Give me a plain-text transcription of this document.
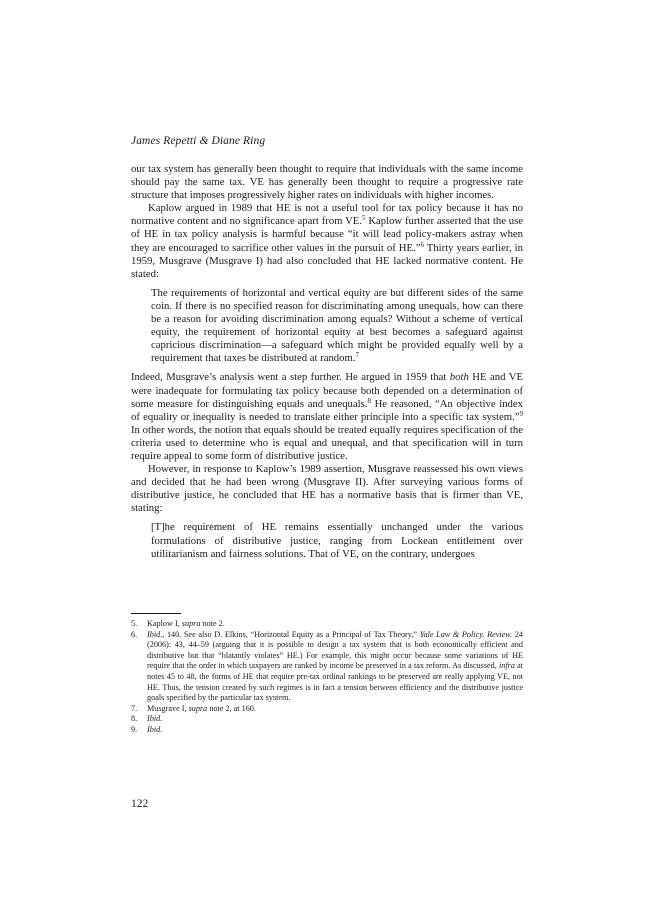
James Repetti & Diane Ring

our tax system has generally been thought to require that individuals with the same income should pay the same tax. VE has generally been thought to require a progressive rate structure that imposes progressively higher rates on individuals with higher incomes.

Kaplow argued in 1989 that HE is not a useful tool for tax policy because it has no normative content and no significance apart from VE.$^5$ Kaplow further asserted that the use of HE in tax policy analysis is harmful because “it will lead policy-makers astray when they are encouraged to sacrifice other values in the pursuit of HE.”$^6$ Thirty years earlier, in 1959, Musgrave (Musgrave I) had also concluded that HE lacked normative content. He stated:

The requirements of horizontal and vertical equity are but different sides of the same coin. If there is no specified reason for discriminating among unequals, how can there be a reason for avoiding discrimination among equals? Without a scheme of vertical equity, the requirement of horizontal equity at best becomes a safeguard against capricious discrimination—a safeguard which might be provided equally well by a requirement that taxes be distributed at random.$^7$

Indeed, Musgrave’s analysis went a step further. He argued in 1959 that both HE and VE were inadequate for formulating tax policy because both depended on a determination of some measure for distinguishing equals and unequals.$^8$ He reasoned, “An objective index of equality or inequality is needed to translate either principle into a specific tax system.”$^9$ In other words, the notion that equals should be treated equally requires specification of the criteria used to determine who is equal and unequal, and that specification will in turn require appeal to some form of distributive justice.

However, in response to Kaplow’s 1989 assertion, Musgrave reassessed his own views and decided that he had been wrong (Musgrave II). After surveying various forms of distributive justice, he concluded that HE has a normative basis that is firmer than VE, stating:

[T]he requirement of HE remains essentially unchanged under the various formulations of distributive justice, ranging from Lockean entitlement over utilitarianism and fairness solutions. That of VE, on the contrary, undergoes

5.	Kaplow I, supra note 2.
6.	Ibid., 140. See also D. Elkins, “Horizontal Equity as a Principal of Tax Theory,” Yale Law & Policy. Review. 24 (2006): 43, 44–59 (arguing that it is possible to design a tax system that is both economically efficient and distributive but that “blatantly violates” HE.) For example, this might occur because some variations of HE require that the order in which taxpayers are ranked by income be preserved in a tax reform. As discussed, infra at notes 45 to 48, the forms of HE that require pre-tax ordinal rankings to be preserved are really applying VE, not HE. Thus, the tension created by such regimes is in fact a tension between efficiency and the distributive justice goals specified by the particular tax system.
7.	Musgrave I, supra note 2, at 160.
8.	Ibid.
9.	Ibid.
122
